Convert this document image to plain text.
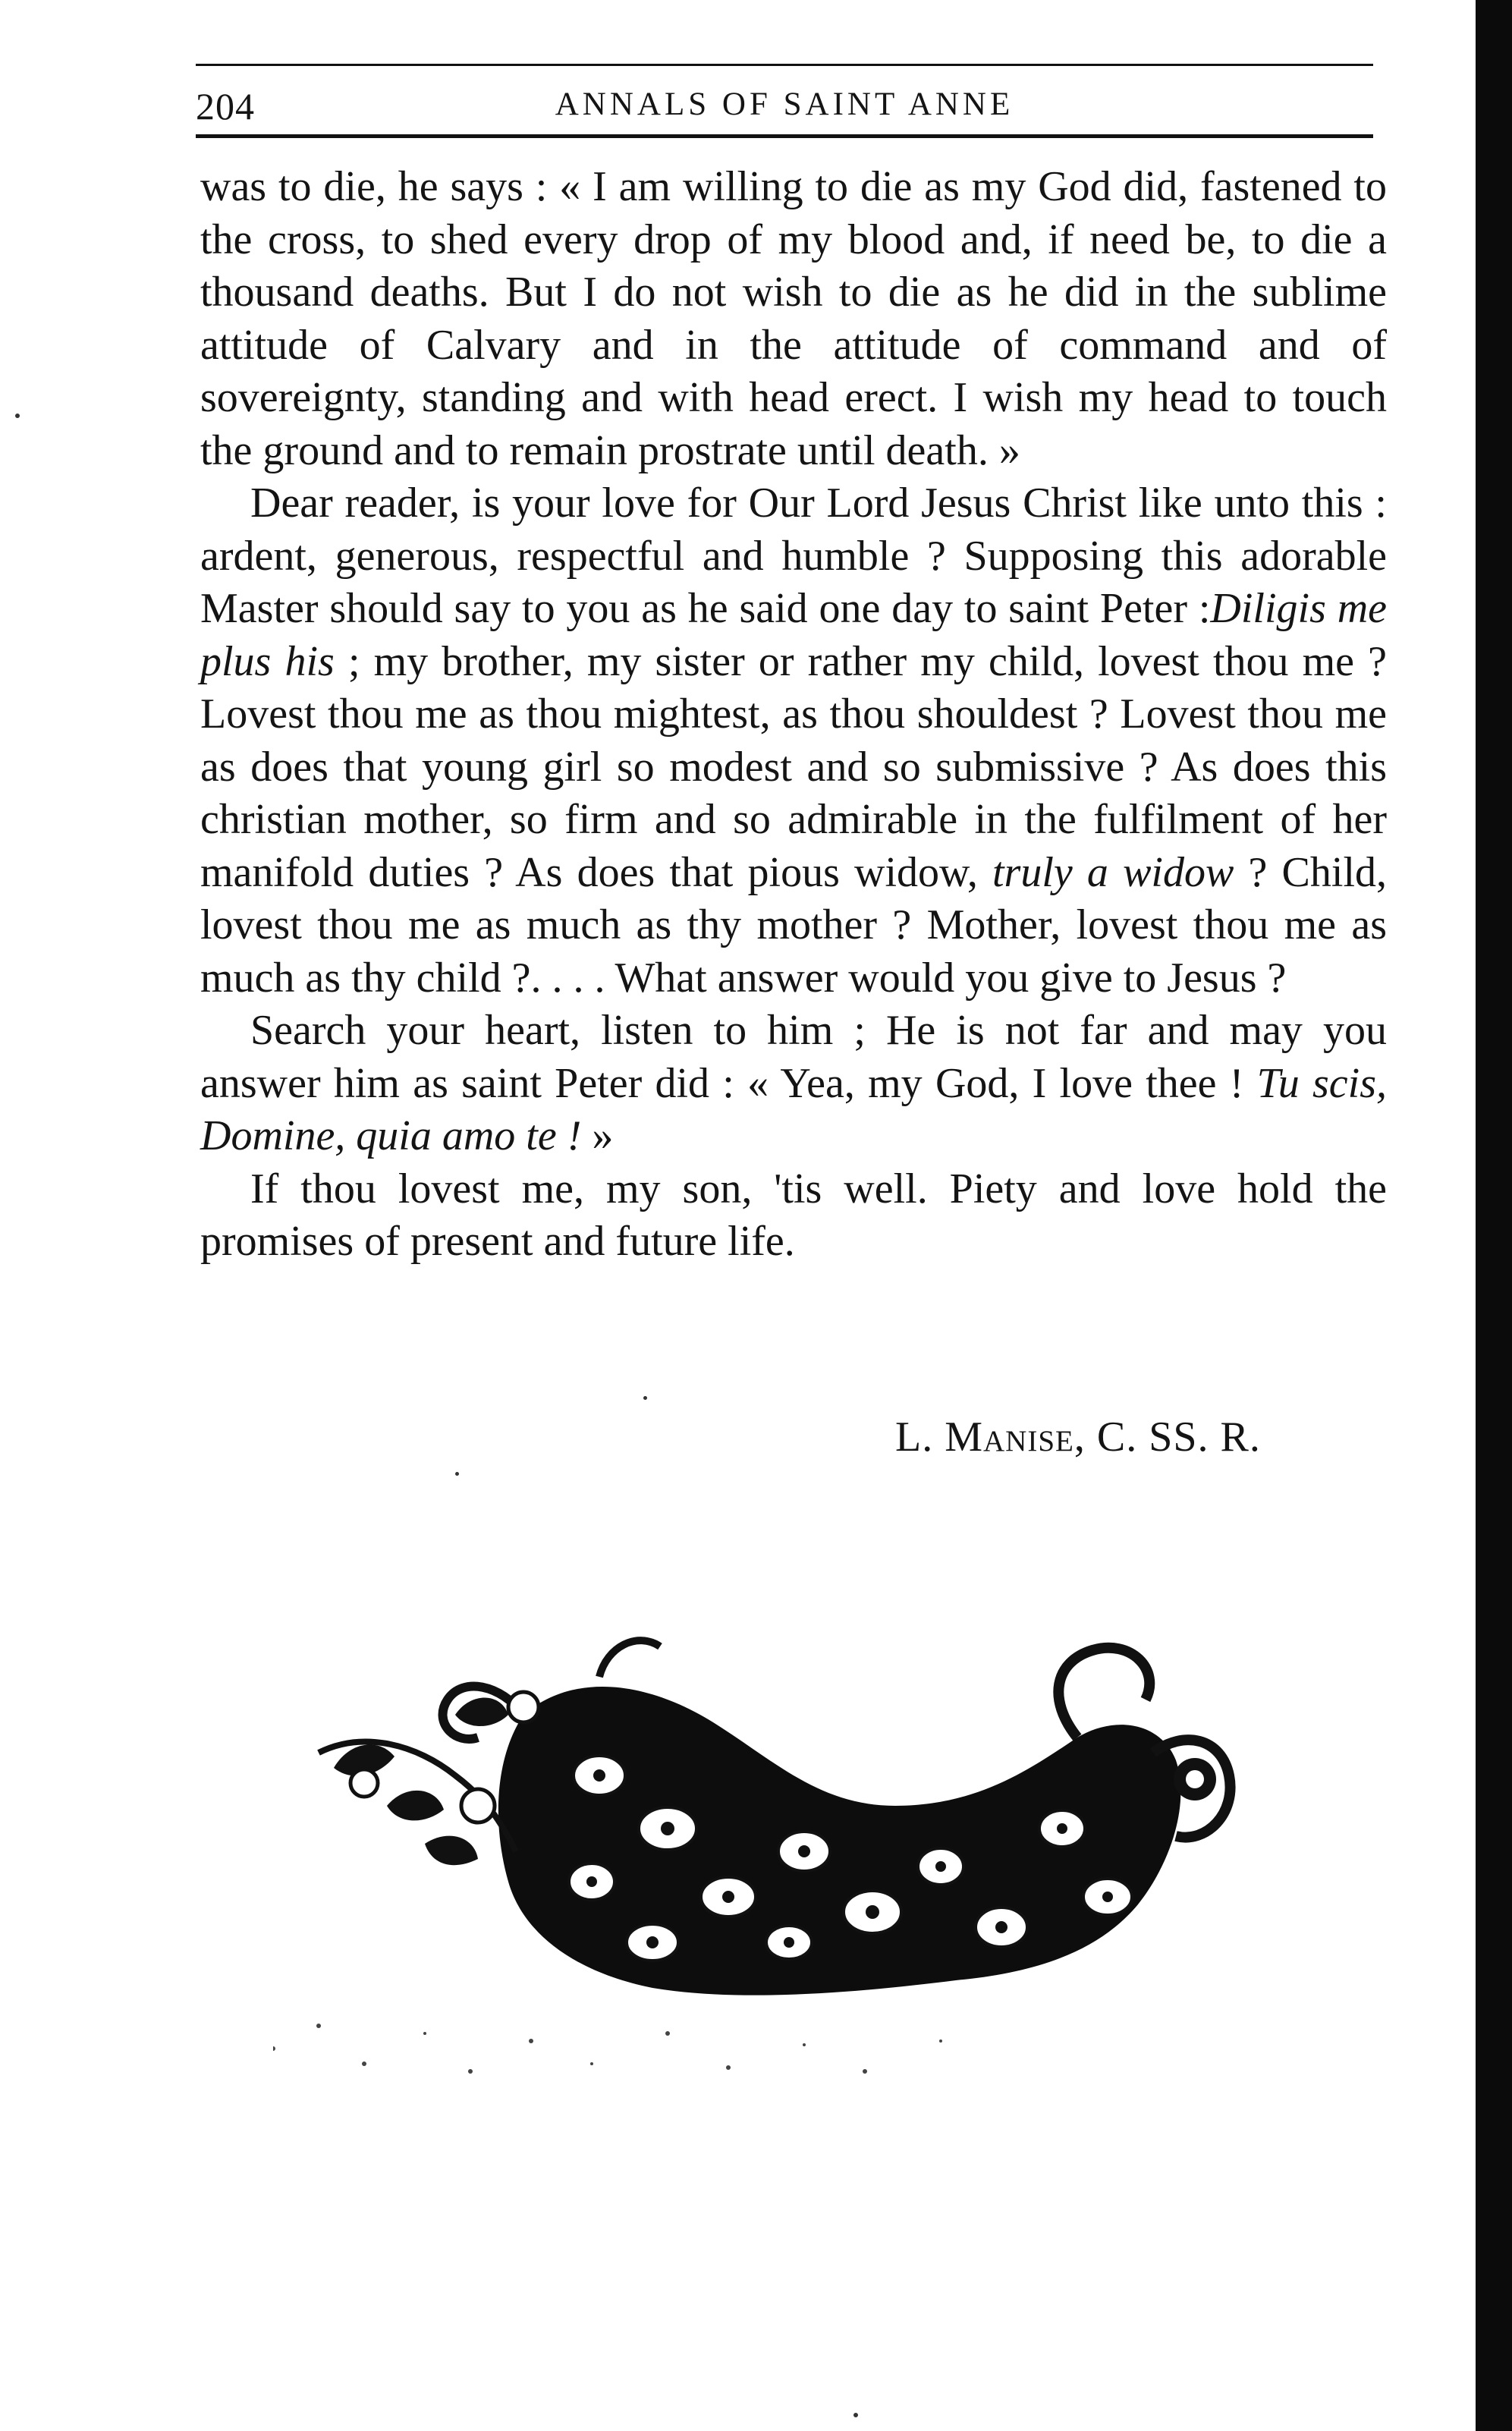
204	ANNALS OF SAINT ANNE

was to die, he says : « I am willing to die as my God did, fastened to the cross, to shed every drop of my blood and, if need be, to die a thousand deaths. But I do not wish to die as he did in the sublime attitude of Calvary and in the attitude of command and of sovereignty, standing and with head erect. I wish my head to touch the ground and to remain prostrate until death. »

Dear reader, is your love for Our Lord Jesus Christ like unto this : ardent, generous, respectful and humble ? Supposing this adorable Master should say to you as he said one day to saint Peter :Diligis me plus his ; my brother, my sister or rather my child, lovest thou me ? Lovest thou me as thou mightest, as thou shouldest ? Lovest thou me as does that young girl so modest and so submissive ? As does this christian mother, so firm and so admirable in the fulfilment of her manifold duties ? As does that pious widow, truly a widow ? Child, lovest thou me as much as thy mother ? Mother, lovest thou me as much as thy child ?. . . . What answer would you give to Jesus ?

Search your heart, listen to him ; He is not far and may you answer him as saint Peter did : « Yea, my God, I love thee ! Tu scis, Domine, quia amo te ! »

If thou lovest me, my son, 'tis well. Piety and love hold the promises of present and future life.

L. Manise, C. SS. R.
